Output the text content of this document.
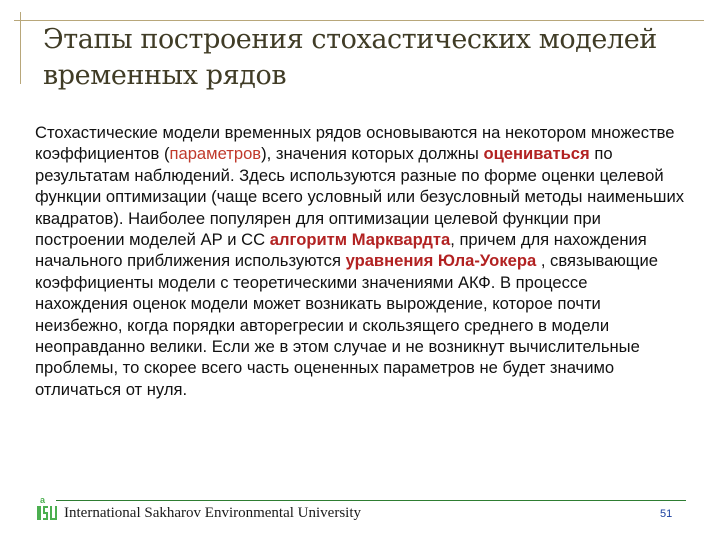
Этапы построения стохастических моделей
временных рядов

Стохастические модели временных рядов основываются на некотором множестве коэффициентов (параметров), значения которых должны оцениваться по результатам наблюдений. Здесь используются разные по форме оценки целевой функции оптимизации (чаще всего условный или безусловный методы наименьших квадратов). Наиболее популярен для оптимизации целевой функции при построении моделей АР и СС алгоритм Марквардта, причем для нахождения начального приближения используются уравнения Юла-Уокера , связывающие коэффициенты модели с теоретическими значениями АКФ. В процессе нахождения оценок модели может возникать вырождение, которое почти неизбежно, когда порядки авторегресии и скользящего среднего в модели неоправданно велики. Если же в этом случае и не возникнут вычислительные проблемы, то скорее всего часть оцененных параметров не будет значимо отличаться от нуля.

a
International Sakharov Environmental University	51
